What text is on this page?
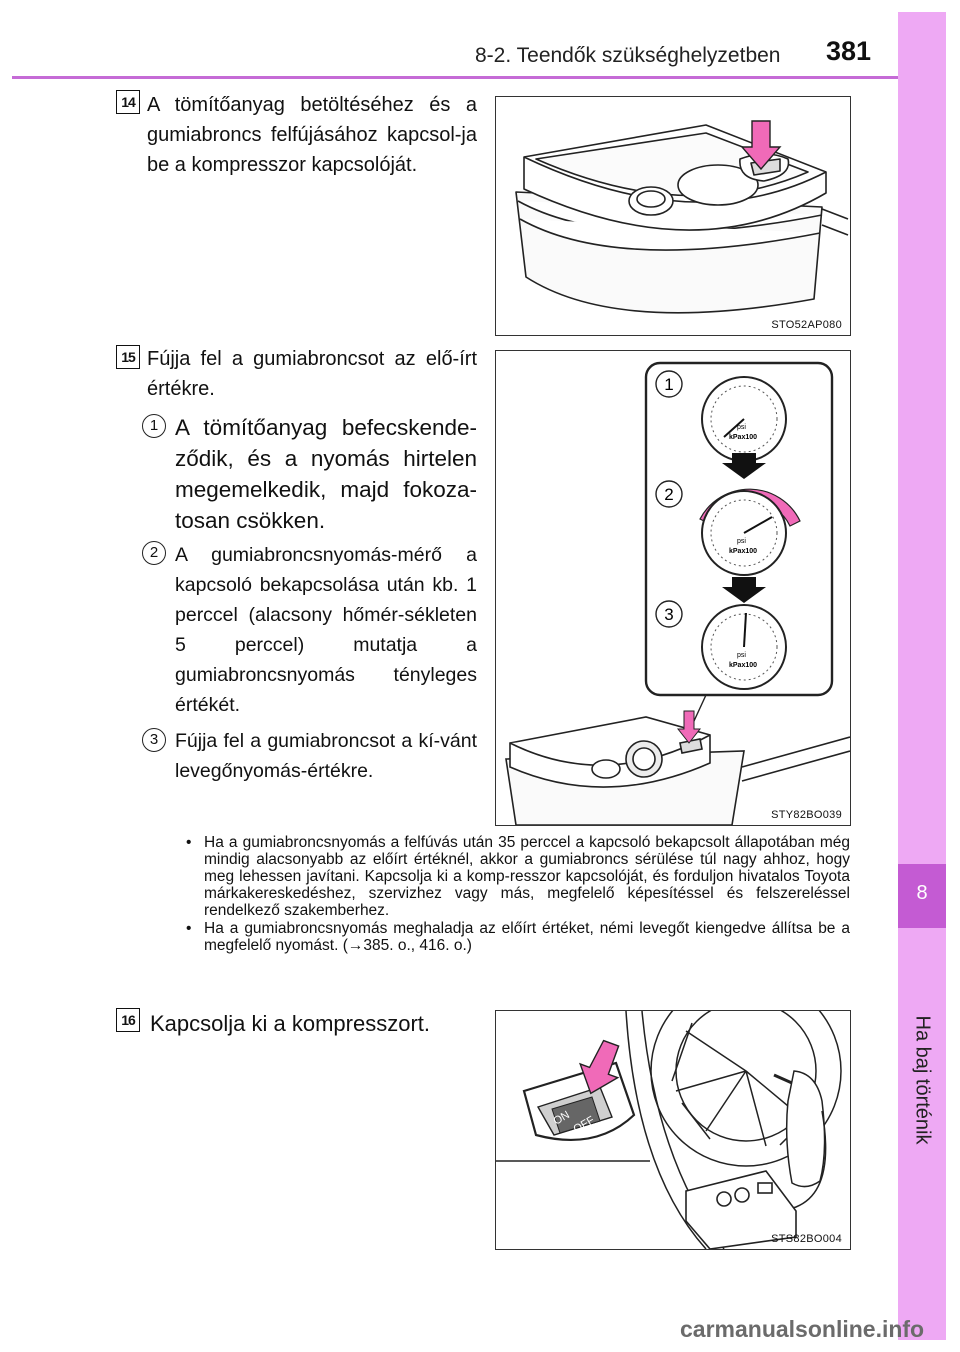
8-2. Teendők szükséghelyzetben 381
8
Ha baj történik
14 A tömítőanyag betöltéséhez és a gumiabroncs felfújásához kapcsol-ja be a kompresszor kapcsolóját.
STO52AP080
15 Fújja fel a gumiabroncsot az elő-írt értékre.
1 A tömítőanyag befecskende-ződik, és a nyomás hirtelen megemelkedik, majd fokoza-tosan csökken.
2 A gumiabroncsnyomás-mérő a kapcsoló bekapcsolása után kb. 1 perccel (alacsony hőmér-sékleten 5 perccel) mutatja a gumiabroncsnyomás tényleges értékét.
3 Fújja fel a gumiabroncsot a kí-vánt levegőnyomás-értékre.
1
2
3
psi
kPax100
psi
kPax100
psi
kPax100
STY82BO039
• Ha a gumiabroncsnyomás a felfúvás után 35 perccel a kapcsoló bekapcsolt állapotában még mindig alacsonyabb az előírt értéknél, akkor a gumiabroncs sérülése túl nagy ahhoz, hogy meg lehessen javítani. Kapcsolja ki a komp-resszor kapcsolóját, és forduljon hivatalos Toyota márkakereskedéshez, szervizhez vagy más, megfelelő képesítéssel és felszereléssel rendelkező szakemberhez.
• Ha a gumiabroncsnyomás meghaladja az előírt értéket, némi levegőt kiengedve állítsa be a megfelelő nyomást. (→385. o., 416. o.)
16 Kapcsolja ki a kompresszort.
ON OFF
STS82BO004
carmanualsonline.info
